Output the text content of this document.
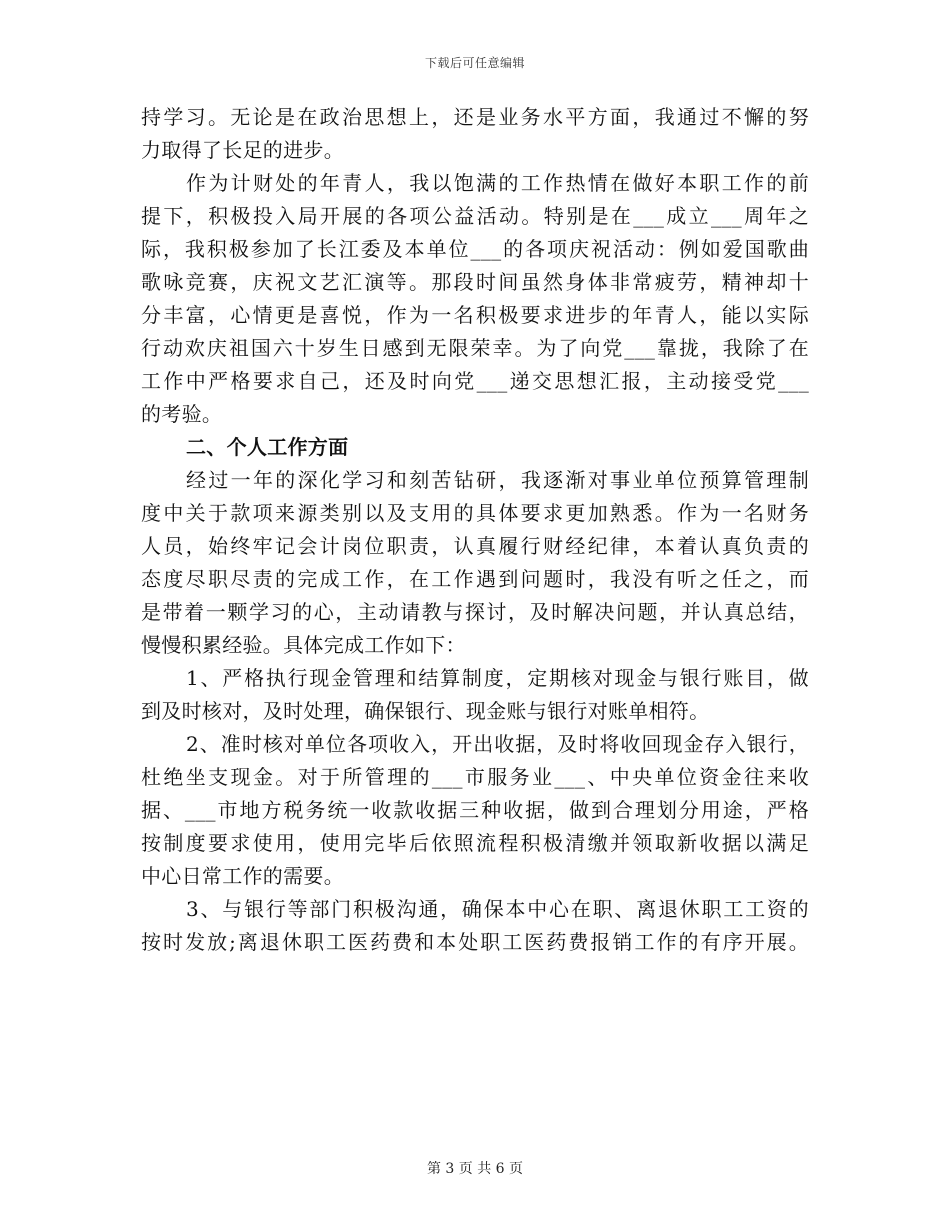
下载后可任意编辑
持学习。无论是在政治思想上，还是业务水平方面，我通过不懈的努
力取得了长足的进步。
作为计财处的年青人，我以饱满的工作热情在做好本职工作的前
提下，积极投入局开展的各项公益活动。特别是在___成立___周年之
际，我积极参加了长江委及本单位___的各项庆祝活动：例如爱国歌曲
歌咏竞赛，庆祝文艺汇演等。那段时间虽然身体非常疲劳，精神却十
分丰富，心情更是喜悦，作为一名积极要求进步的年青人，能以实际
行动欢庆祖国六十岁生日感到无限荣幸。为了向党___靠拢，我除了在
工作中严格要求自己，还及时向党___递交思想汇报，主动接受党___
的考验。
二、个人工作方面
经过一年的深化学习和刻苦钻研，我逐渐对事业单位预算管理制
度中关于款项来源类别以及支用的具体要求更加熟悉。作为一名财务
人员，始终牢记会计岗位职责，认真履行财经纪律，本着认真负责的
态度尽职尽责的完成工作，在工作遇到问题时，我没有听之任之，而
是带着一颗学习的心，主动请教与探讨，及时解决问题，并认真总结，
慢慢积累经验。具体完成工作如下：
1、严格执行现金管理和结算制度，定期核对现金与银行账目，做
到及时核对，及时处理，确保银行、现金账与银行对账单相符。
2、准时核对单位各项收入，开出收据，及时将收回现金存入银行，
杜绝坐支现金。对于所管理的___市服务业___、中央单位资金往来收
据、___市地方税务统一收款收据三种收据，做到合理划分用途，严格
按制度要求使用，使用完毕后依照流程积极清缴并领取新收据以满足
中心日常工作的需要。
3、与银行等部门积极沟通，确保本中心在职、离退休职工工资的
按时发放;离退休职工医药费和本处职工医药费报销工作的有序开展。
第 3 页 共 6 页
